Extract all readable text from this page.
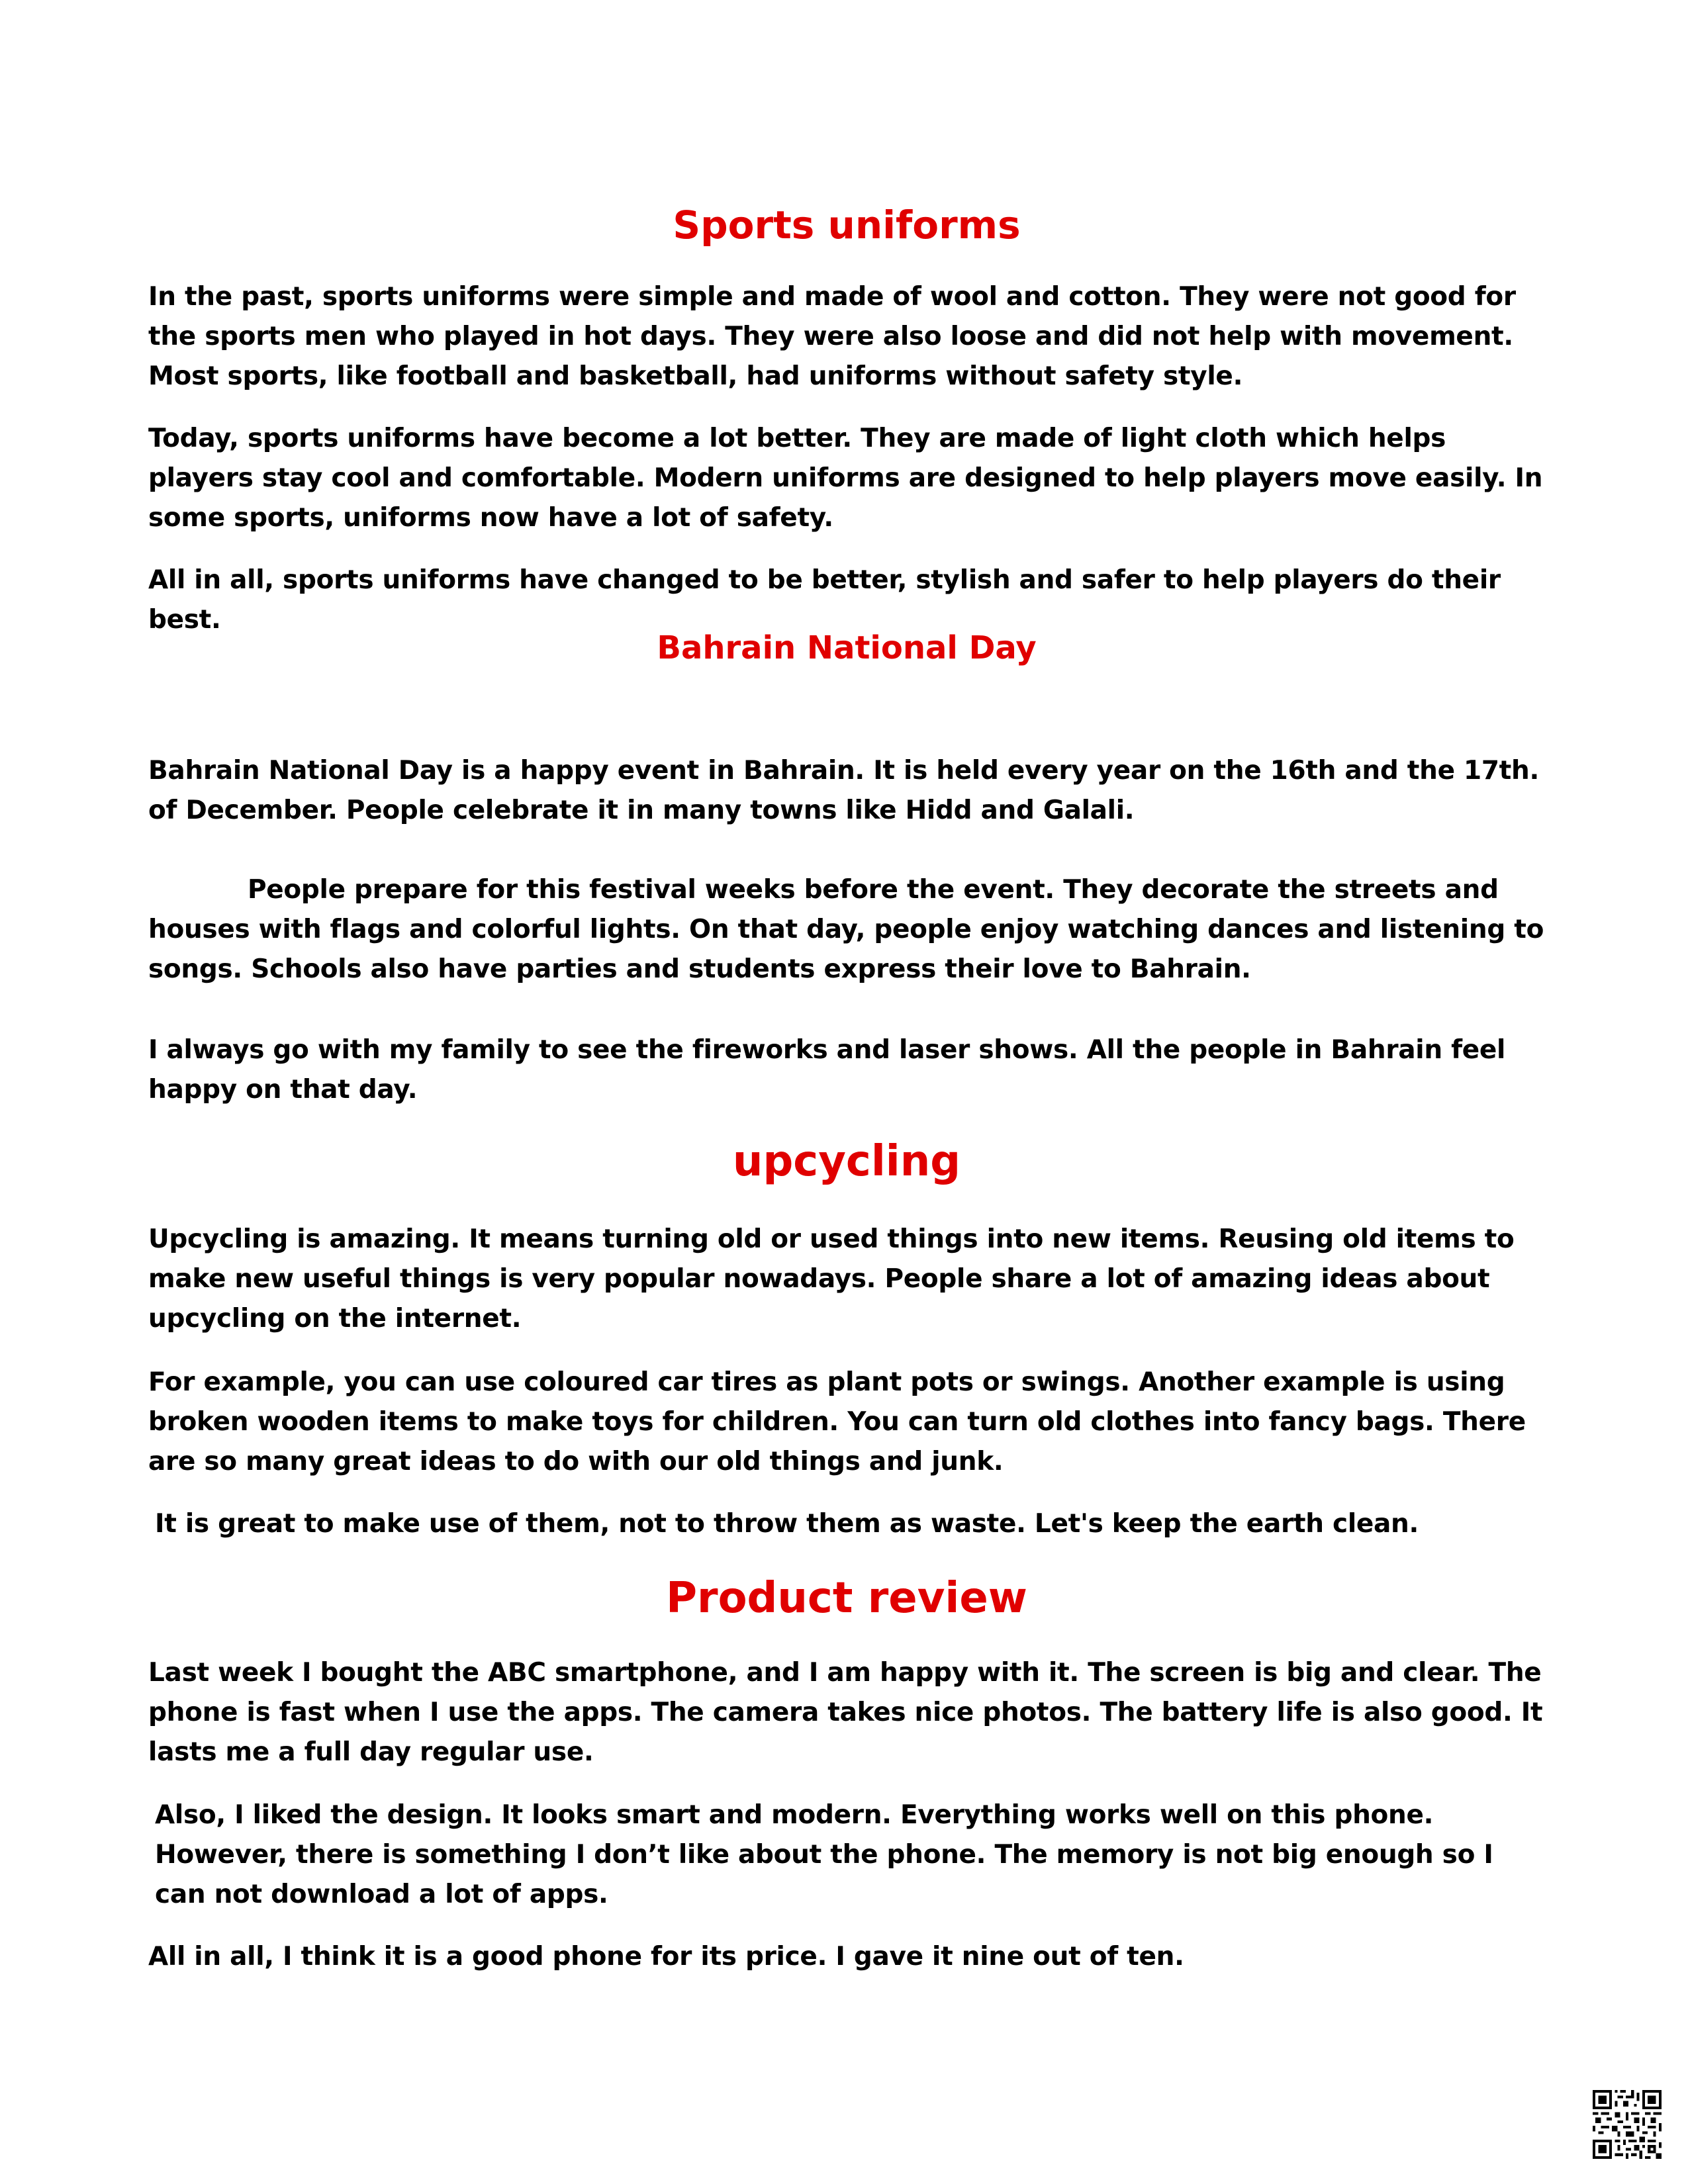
Sports uniforms

In the past, sports uniforms were simple and made of wool and cotton. They were not good for the sports men who played in hot days. They were also loose and did not help with movement. Most sports, like football and basketball, had uniforms without safety style.

Today, sports uniforms have become a lot better. They are made of light cloth which helps players stay cool and comfortable. Modern uniforms are designed to help players move easily. In some sports, uniforms now have a lot of safety.

All in all, sports uniforms have changed to be better, stylish and safer to help players do their best.

Bahrain National Day

Bahrain National Day is a happy event in Bahrain. It is held every year on the 16th and the 17th. of December. People celebrate it in many towns like Hidd and Galali.

People prepare for this festival weeks before the event. They decorate the streets and houses with flags and colorful lights. On that day, people enjoy watching dances and listening to songs. Schools also have parties and students express their love to Bahrain.

I always go with my family to see the fireworks and laser shows. All the people in Bahrain feel happy on that day.

upcycling

Upcycling is amazing. It means turning old or used things into new items. Reusing old items to make new useful things is very popular nowadays. People share a lot of amazing ideas about upcycling on the internet.

For example, you can use coloured car tires as plant pots or swings. Another example is using broken wooden items to make toys for children. You can turn old clothes into fancy bags. There are so many great ideas to do with our old things and junk.

It is great to make use of them, not to throw them as waste. Let's keep the earth clean.

Product review

Last week I bought the ABC smartphone, and I am happy with it. The screen is big and clear. The phone is fast when I use the apps. The camera takes nice photos. The battery life is also good. It lasts me a full day regular use.

Also, I liked the design. It looks smart and modern. Everything works well on this phone. However, there is something I don’t like about the phone. The memory is not big enough so I can not download a lot of apps.

All in all, I think it is a good phone for its price. I gave it nine out of ten.
